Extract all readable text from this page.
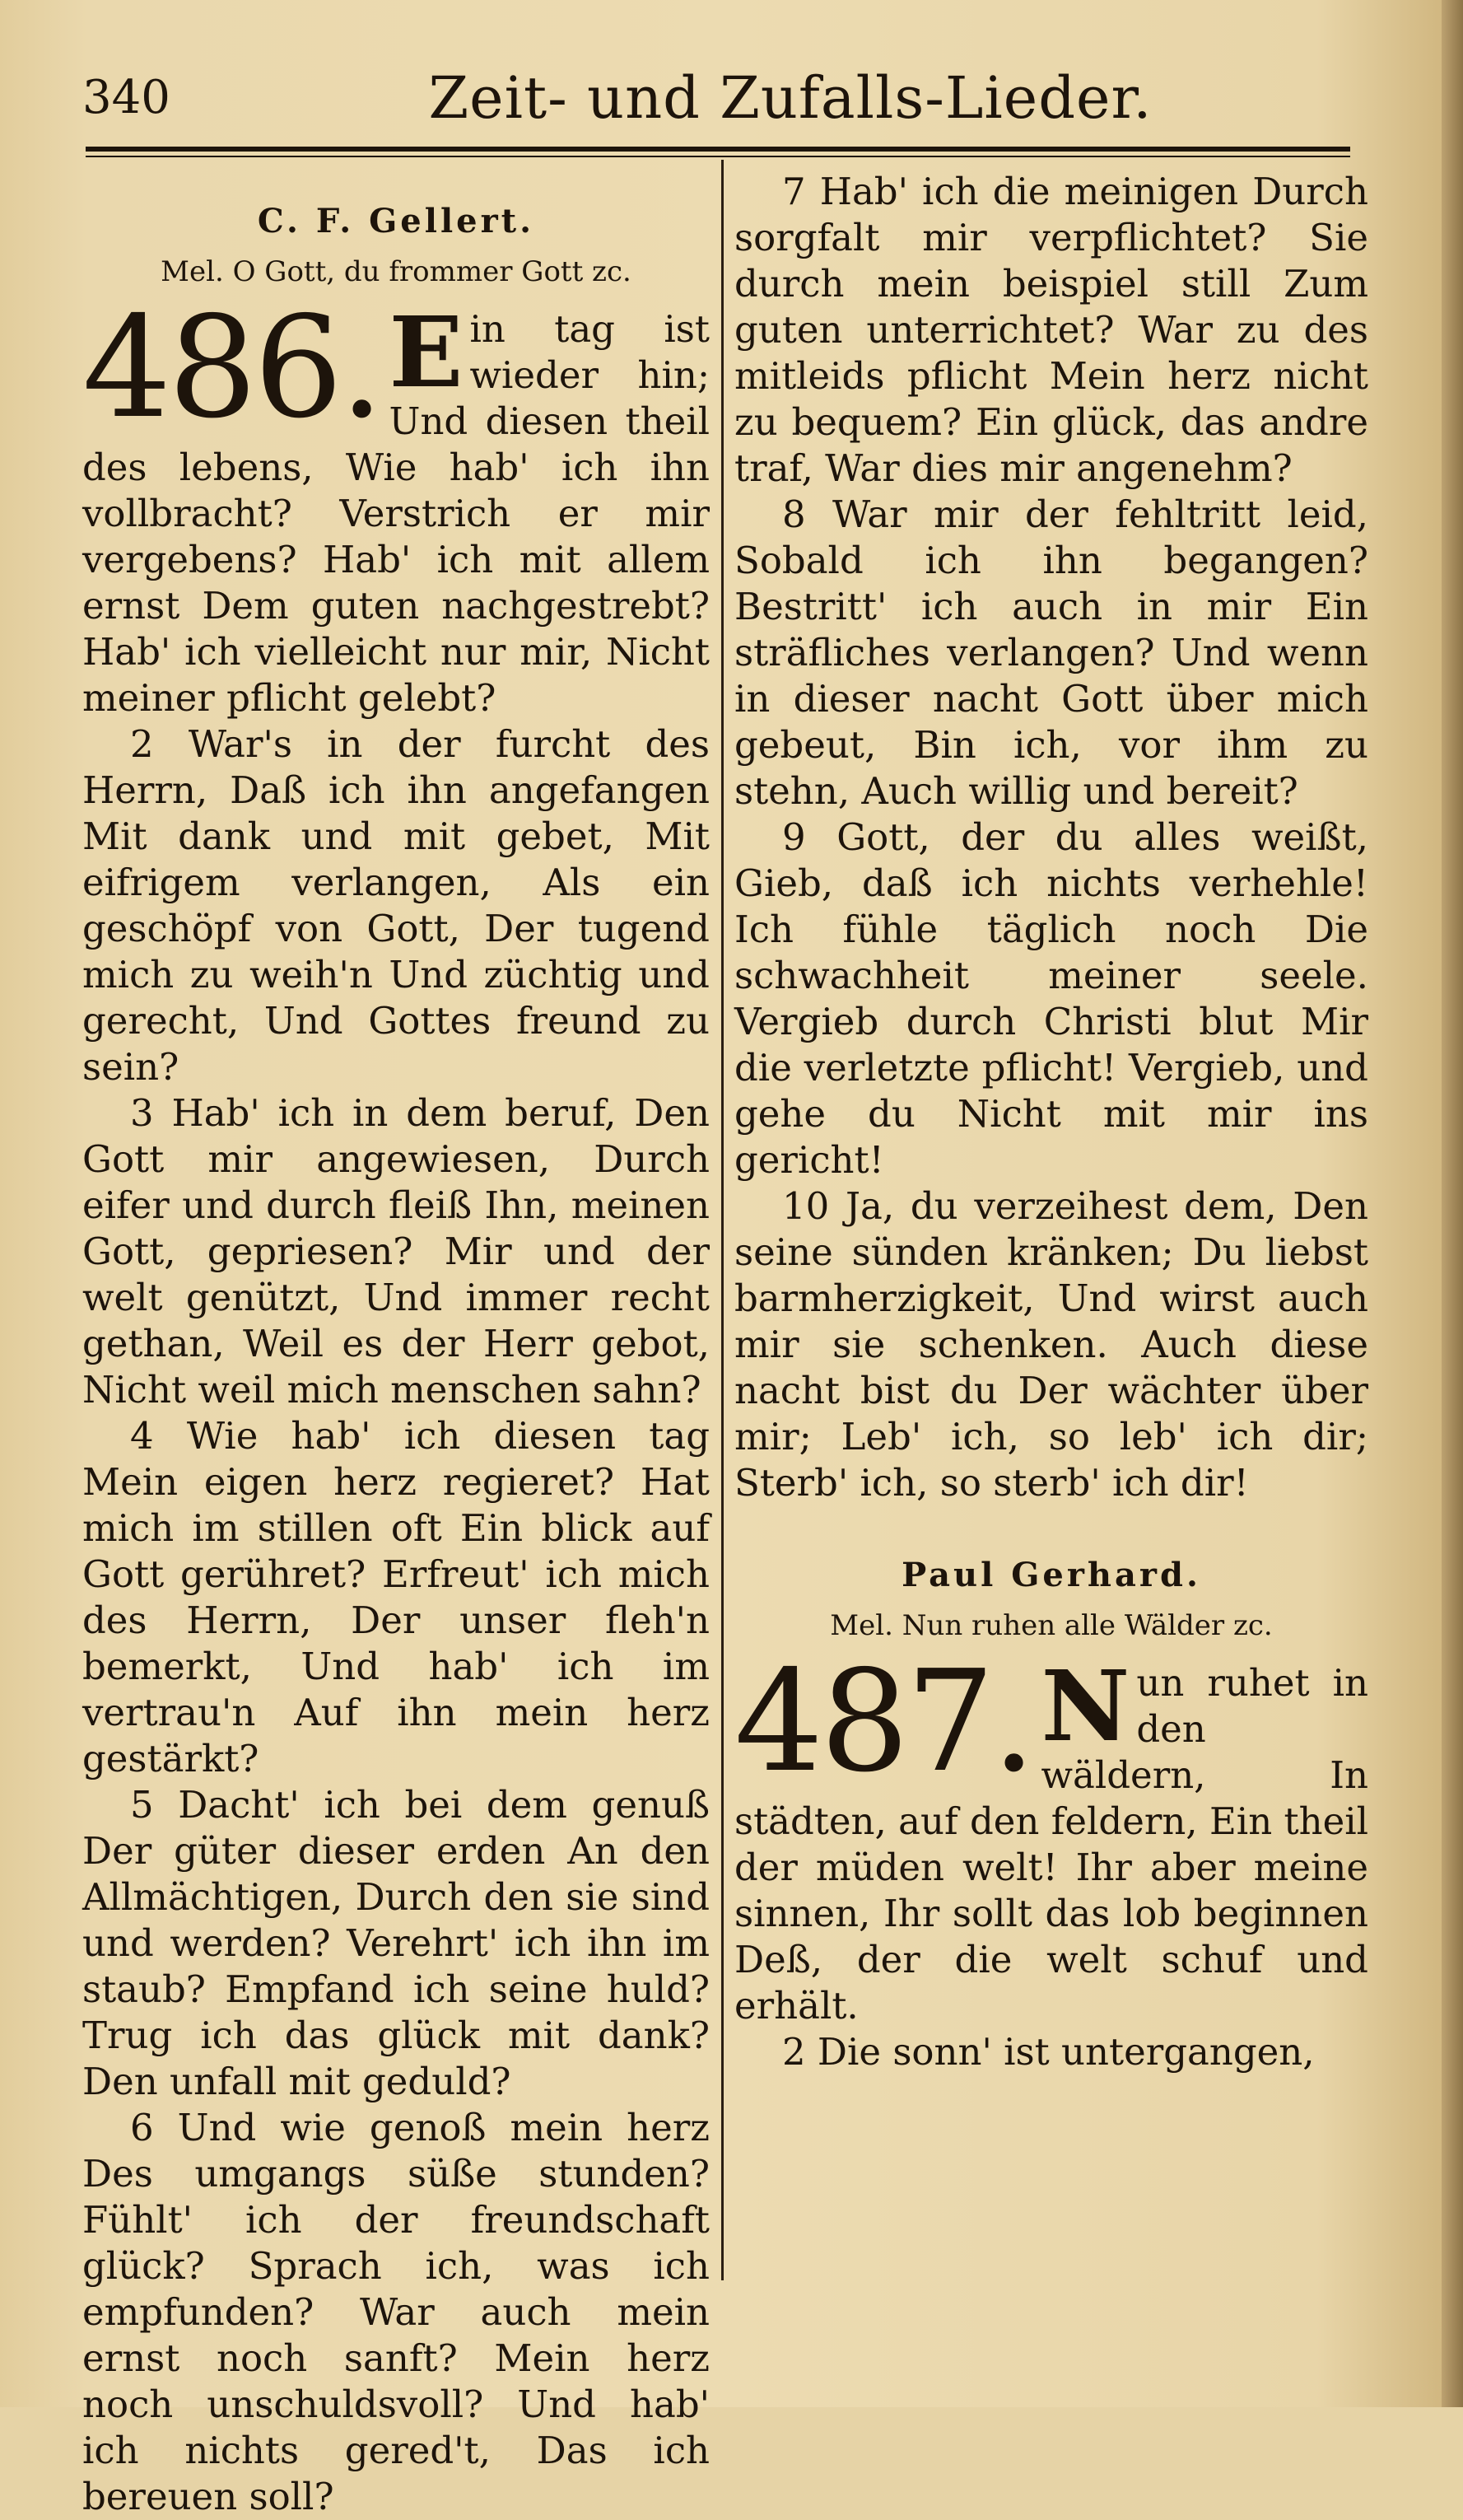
340	Zeit- und Zufalls-Lieder.
C. F. Gellert.
Mel. O Gott, du frommer Gott zc.
486. E in tag ist wieder hin; Und diesen theil des lebens, Wie hab' ich ihn vollbracht? Verstrich er mir vergebens? Hab' ich mit allem ernst Dem guten nachgestrebt? Hab' ich vielleicht nur mir, Nicht meiner pflicht gelebt?

2 War's in der furcht des Herrn, Daß ich ihn angefangen Mit dank und mit gebet, Mit eifrigem verlangen, Als ein geschöpf von Gott, Der tugend mich zu weih'n Und züchtig und gerecht, Und Gottes freund zu sein?

3 Hab' ich in dem beruf, Den Gott mir angewiesen, Durch eifer und durch fleiß Ihn, meinen Gott, gepriesen? Mir und der welt genützt, Und immer recht gethan, Weil es der Herr gebot, Nicht weil mich menschen sahn?

4 Wie hab' ich diesen tag Mein eigen herz regieret? Hat mich im stillen oft Ein blick auf Gott gerühret? Erfreut' ich mich des Herrn, Der unser fleh'n bemerkt, Und hab' ich im vertrau'n Auf ihn mein herz gestärkt?

5 Dacht' ich bei dem genuß Der güter dieser erden An den Allmächtigen, Durch den sie sind und werden? Verehrt' ich ihn im staub? Empfand ich seine huld? Trug ich das glück mit dank? Den unfall mit geduld?

6 Und wie genoß mein herz Des umgangs süße stunden? Fühlt' ich der freundschaft glück? Sprach ich, was ich empfunden? War auch mein ernst noch sanft? Mein herz noch unschuldsvoll? Und hab' ich nichts gered't, Das ich bereuen soll?

7 Hab' ich die meinigen Durch sorgfalt mir verpflichtet? Sie durch mein beispiel still Zum guten unterrichtet? War zu des mitleids pflicht Mein herz nicht zu bequem? Ein glück, das andre traf, War dies mir angenehm?

8 War mir der fehltritt leid, Sobald ich ihn begangen? Bestritt' ich auch in mir Ein sträfliches verlangen? Und wenn in dieser nacht Gott über mich gebeut, Bin ich, vor ihm zu stehn, Auch willig und bereit?

9 Gott, der du alles weißt, Gieb, daß ich nichts verhehle! Ich fühle täglich noch Die schwachheit meiner seele. Vergieb durch Christi blut Mir die verletzte pflicht! Vergieb, und gehe du Nicht mit mir ins gericht!

10 Ja, du verzeihest dem, Den seine sünden kränken; Du liebst barmherzigkeit, Und wirst auch mir sie schenken. Auch diese nacht bist du Der wächter über mir; Leb' ich, so leb' ich dir; Sterb' ich, so sterb' ich dir!

Paul Gerhard.
Mel. Nun ruhen alle Wälder zc.
487. N un ruhet in den wäldern, In städten, auf den feldern, Ein theil der müden welt! Ihr aber meine sinnen, Ihr sollt das lob beginnen Deß, der die welt schuf und erhält.

2 Die sonn' ist untergangen,
